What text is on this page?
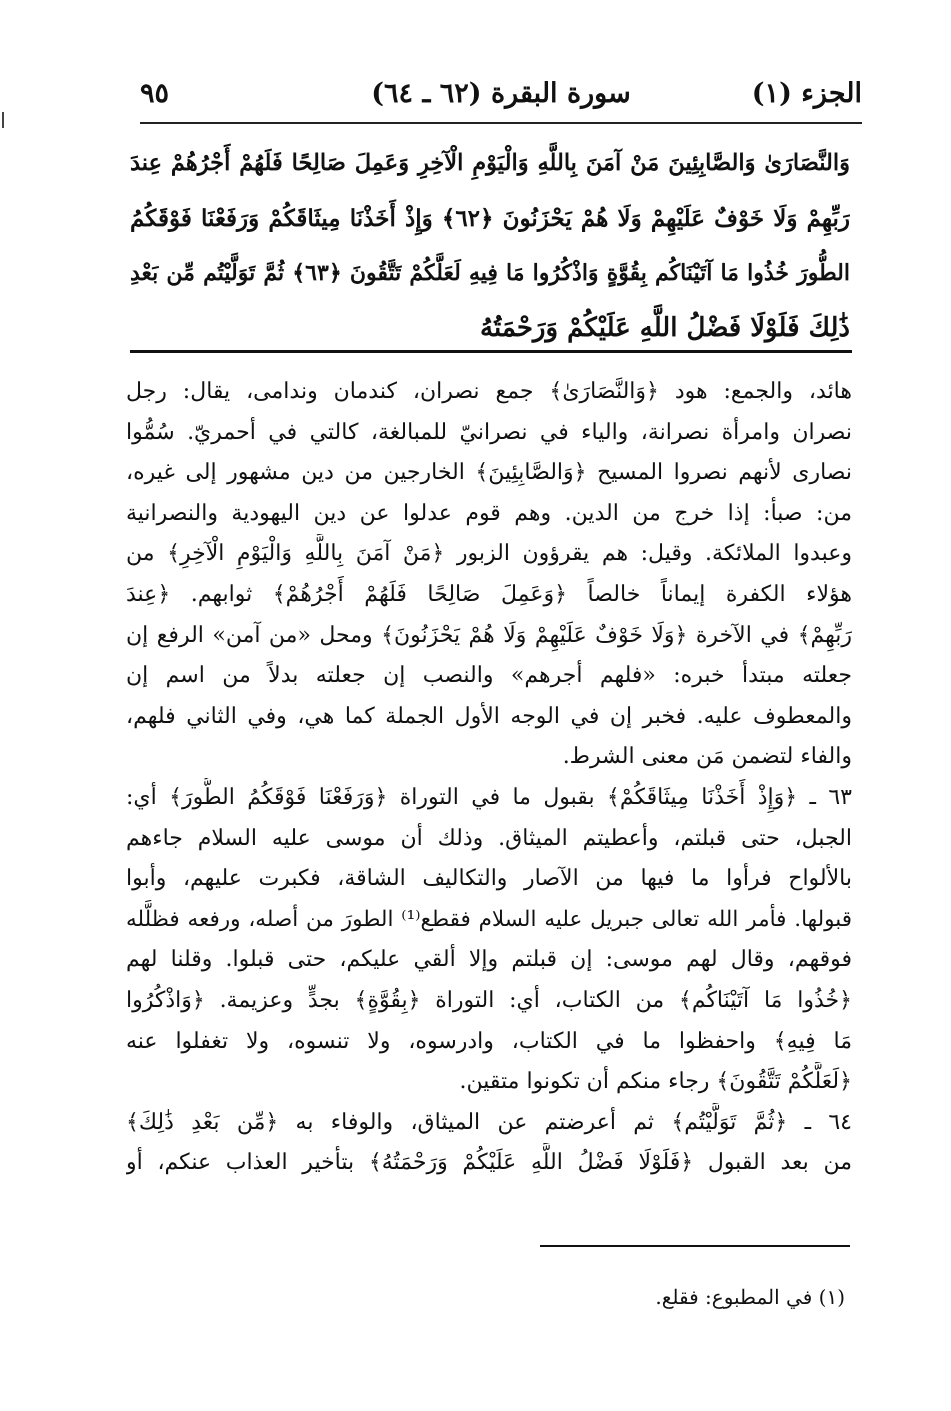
الجزء (١)
سورة البقرة (٦٢ ـ ٦٤)
٩٥
وَالنَّصَارَىٰ وَالصَّابِئِينَ مَنْ آمَنَ بِاللَّهِ وَالْيَوْمِ الْآخِرِ وَعَمِلَ صَالِحًا فَلَهُمْ أَجْرُهُمْ عِندَ
رَبِّهِمْ وَلَا خَوْفٌ عَلَيْهِمْ وَلَا هُمْ يَحْزَنُونَ ﴿٦٢﴾ وَإِذْ أَخَذْنَا مِيثَاقَكُمْ وَرَفَعْنَا فَوْقَكُمُ
الطُّورَ خُذُوا مَا آتَيْنَاكُم بِقُوَّةٍ وَاذْكُرُوا مَا فِيهِ لَعَلَّكُمْ تَتَّقُونَ ﴿٦٣﴾ ثُمَّ تَوَلَّيْتُم مِّن بَعْدِ
ذَٰلِكَ فَلَوْلَا فَضْلُ اللَّهِ عَلَيْكُمْ وَرَحْمَتُهُ
هائد، والجمع: هود ﴿وَالنَّصَارَىٰ﴾ جمع نصران، كندمان وندامى، يقال: رجل
نصران وامرأة نصرانة، والياء في نصرانيّ للمبالغة، كالتي في أحمريّ. سُمُّوا
نصارى لأنهم نصروا المسيح ﴿وَالصَّابِئِينَ﴾ الخارجين من دين مشهور إلى غيره،
من: صبأ: إذا خرج من الدين. وهم قوم عدلوا عن دين اليهودية والنصرانية
وعبدوا الملائكة. وقيل: هم يقرؤون الزبور ﴿مَنْ آمَنَ بِاللَّهِ وَالْيَوْمِ الْآخِرِ﴾ من
هؤلاء الكفرة إيماناً خالصاً ﴿وَعَمِلَ صَالِحًا فَلَهُمْ أَجْرُهُمْ﴾ ثوابهم. ﴿عِندَ
رَبِّهِمْ﴾ في الآخرة ﴿وَلَا خَوْفٌ عَلَيْهِمْ وَلَا هُمْ يَحْزَنُونَ﴾ ومحل «من آمن» الرفع إن
جعلته مبتدأ خبره: «فلهم أجرهم» والنصب إن جعلته بدلاً من اسم إن
والمعطوف عليه. فخبر إن في الوجه الأول الجملة كما هي، وفي الثاني فلهم،
والفاء لتضمن مَن معنى الشرط.
٦٣ ـ ﴿وَإِذْ أَخَذْنَا مِيثَاقَكُمْ﴾ بقبول ما في التوراة ﴿وَرَفَعْنَا فَوْقَكُمُ الطُّورَ﴾ أي:
الجبل، حتى قبلتم، وأعطيتم الميثاق. وذلك أن موسى عليه السلام جاءهم
بالألواح فرأوا ما فيها من الآصار والتكاليف الشاقة، فكبرت عليهم، وأبوا
قبولها. فأمر الله تعالى جبريل عليه السلام فقطع⁽¹⁾ الطورَ من أصله، ورفعه فظلَّله
فوقهم، وقال لهم موسى: إن قبلتم وإلا ألقي عليكم، حتى قبلوا. وقلنا لهم
﴿خُذُوا مَا آتَيْنَاكُم﴾ من الكتاب، أي: التوراة ﴿بِقُوَّةٍ﴾ بجدٍّ وعزيمة. ﴿وَاذْكُرُوا
مَا فِيهِ﴾ واحفظوا ما في الكتاب، وادرسوه، ولا تنسوه، ولا تغفلوا عنه
﴿لَعَلَّكُمْ تَتَّقُونَ﴾ رجاء منكم أن تكونوا متقين.
٦٤ ـ ﴿ثُمَّ تَوَلَّيْتُم﴾ ثم أعرضتم عن الميثاق، والوفاء به ﴿مِّن بَعْدِ ذَٰلِكَ﴾
من بعد القبول ﴿فَلَوْلَا فَضْلُ اللَّهِ عَلَيْكُمْ وَرَحْمَتُهُ﴾ بتأخير العذاب عنكم، أو
(١) في المطبوع: فقلع.
